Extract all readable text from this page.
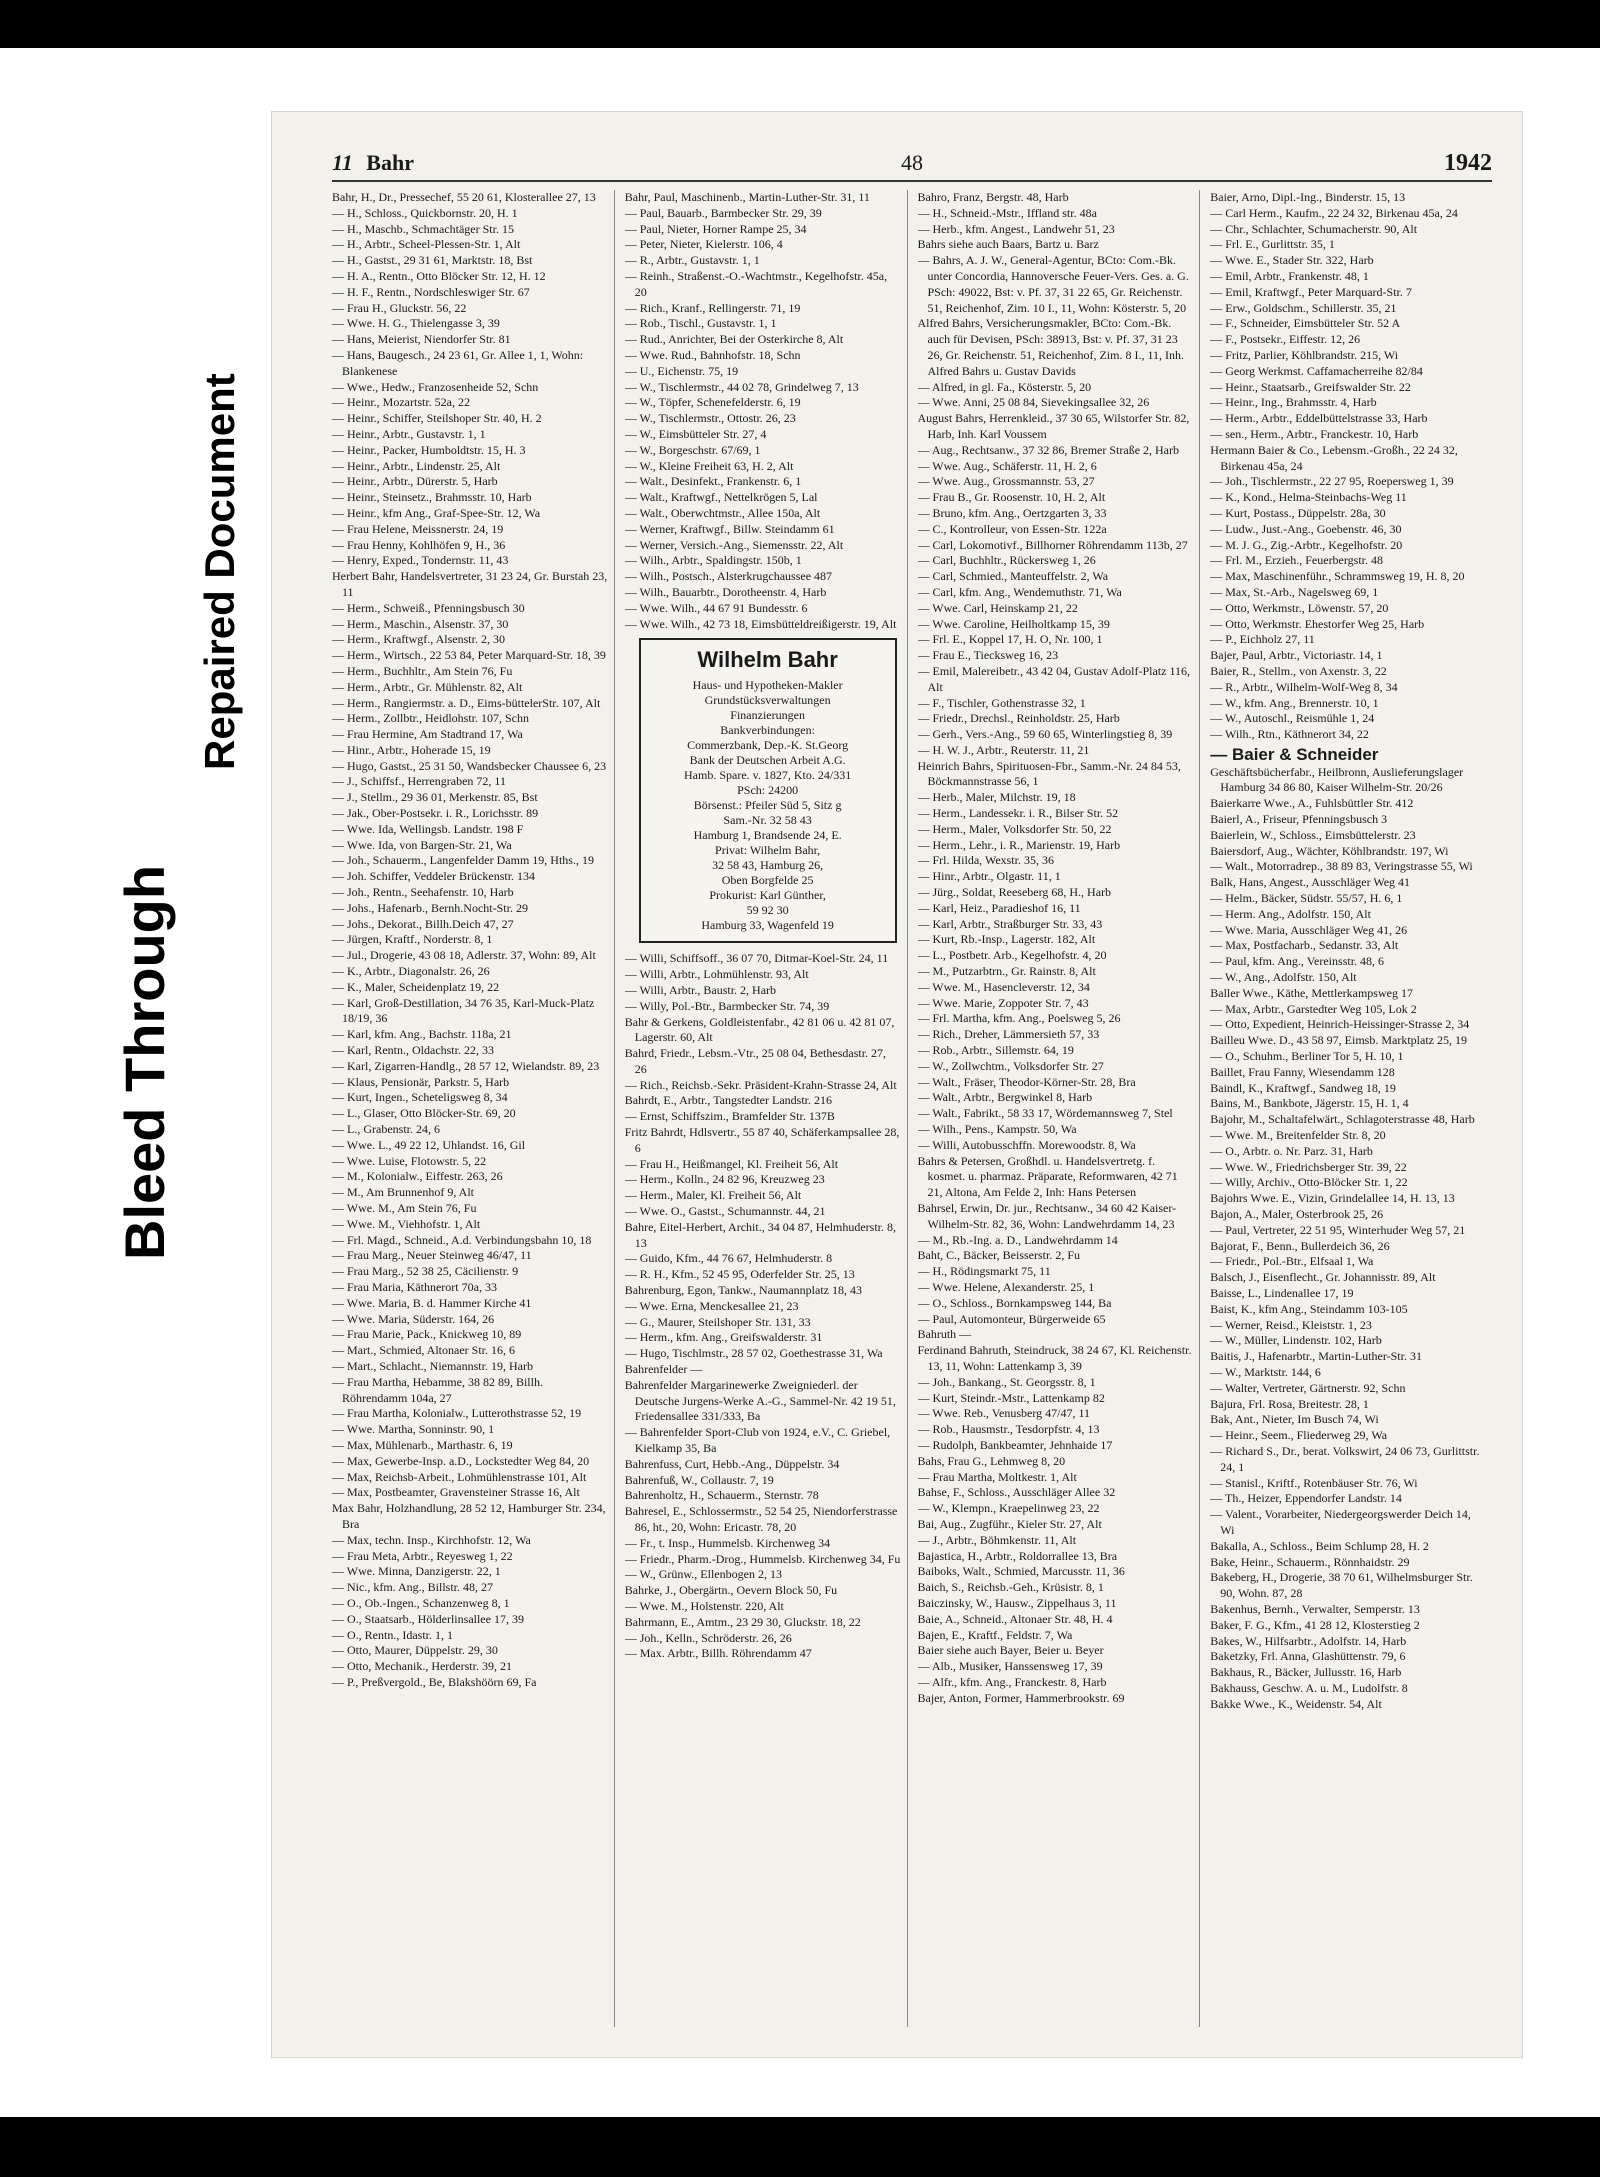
Bleed Through
Repaired Document
11 Bahr	48	1942

Bahr, H., Dr., Pressechef, 55 20 61, Klosterallee 27, 13

— H., Schloss., Quickbornstr. 20, H. 1

— H., Maschb., Schmachtäger Str. 15

— H., Arbtr., Scheel-Plessen-Str. 1, Alt

— H., Gastst., 29 31 61, Marktstr. 18, Bst

— H. A., Rentn., Otto Blöcker Str. 12, H. 12

— H. F., Rentn., Nordschleswiger Str. 67

— Frau H., Gluckstr. 56, 22

— Wwe. H. G., Thielengasse 3, 39

— Hans, Meierist, Niendorfer Str. 81

— Hans, Baugesch., 24 23 61, Gr. Allee 1, 1, Wohn: Blankenese

— Wwe., Hedw., Franzosenheide 52, Schn

— Heinr., Mozartstr. 52a, 22

— Heinr., Schiffer, Steilshoper Str. 40, H. 2

— Heinr., Arbtr., Gustavstr. 1, 1

— Heinr., Packer, Humboldtstr. 15, H. 3

— Heinr., Arbtr., Lindenstr. 25, Alt

— Heinr., Arbtr., Dürerstr. 5, Harb

— Heinr., Steinsetz., Brahmsstr. 10, Harb

— Heinr., kfm Ang., Graf-Spee-Str. 12, Wa

— Frau Helene, Meissnerstr. 24, 19

— Frau Henny, Kohlhöfen 9, H., 36

— Henry, Exped., Tondernstr. 11, 43

Herbert Bahr, Handelsvertreter, 31 23 24, Gr. Burstah 23, 11

— Herm., Schweiß., Pfenningsbusch 30

— Herm., Maschin., Alsenstr. 37, 30

— Herm., Kraftwgf., Alsenstr. 2, 30

— Herm., Wirtsch., 22 53 84, Peter Marquard-Str. 18, 39

— Herm., Buchhltr., Am Stein 76, Fu

— Herm., Arbtr., Gr. Mühlenstr. 82, Alt

— Herm., Rangiermstr. a. D., Eims-büttelerStr. 107, Alt

— Herm., Zollbtr., Heidlohstr. 107, Schn

— Frau Hermine, Am Stadtrand 17, Wa

— Hinr., Arbtr., Hoherade 15, 19

— Hugo, Gastst., 25 31 50, Wandsbecker Chaussee 6, 23

— J., Schiffsf., Herrengraben 72, 11

— J., Stellm., 29 36 01, Merkenstr. 85, Bst

— Jak., Ober-Postsekr. i. R., Lorichsstr. 89

— Wwe. Ida, Wellingsb. Landstr. 198 F

— Wwe. Ida, von Bargen-Str. 21, Wa

— Joh., Schauerm., Langenfelder Damm 19, Hths., 19

— Joh. Schiffer, Veddeler Brückenstr. 134

— Joh., Rentn., Seehafenstr. 10, Harb

— Johs., Hafenarb., Bernh.Nocht-Str. 29

— Johs., Dekorat., Billh.Deich 47, 27

— Jürgen, Kraftf., Norderstr. 8, 1

— Jul., Drogerie, 43 08 18, Adlerstr. 37, Wohn: 89, Alt

— K., Arbtr., Diagonalstr. 26, 26

— K., Maler, Scheidenplatz 19, 22

— Karl, Groß-Destillation, 34 76 35, Karl-Muck-Platz 18/19, 36

— Karl, kfm. Ang., Bachstr. 118a, 21

— Karl, Rentn., Oldachstr. 22, 33

— Karl, Zigarren-Handlg., 28 57 12, Wielandstr. 89, 23

— Klaus, Pensionär, Parkstr. 5, Harb

— Kurt, Ingen., Scheteligsweg 8, 34

— L., Glaser, Otto Blöcker-Str. 69, 20

— L., Grabenstr. 24, 6

— Wwe. L., 49 22 12, Uhlandst. 16, Gil

— Wwe. Luise, Flotowstr. 5, 22

— M., Kolonialw., Eiffestr. 263, 26

— M., Am Brunnenhof 9, Alt

— Wwe. M., Am Stein 76, Fu

— Wwe. M., Viehhofstr. 1, Alt

— Frl. Magd., Schneid., A.d. Verbindungsbahn 10, 18

— Frau Marg., Neuer Steinweg 46/47, 11

— Frau Marg., 52 38 25, Cäcilienstr. 9

— Frau Maria, Käthnerort 70a, 33

— Wwe. Maria, B. d. Hammer Kirche 41

— Wwe. Maria, Süderstr. 164, 26

— Frau Marie, Pack., Knickweg 10, 89

— Mart., Schmied, Altonaer Str. 16, 6

— Mart., Schlacht., Niemannstr. 19, Harb

— Frau Martha, Hebamme, 38 82 89, Billh. Röhrendamm 104a, 27

— Frau Martha, Kolonialw., Lutterothstrasse 52, 19

— Wwe. Martha, Sonninstr. 90, 1

— Max, Mühlenarb., Marthastr. 6, 19

— Max, Gewerbe-Insp. a.D., Lockstedter Weg 84, 20

— Max, Reichsb-Arbeit., Lohmühlenstrasse 101, Alt

— Max, Postbeamter, Gravensteiner Strasse 16, Alt

Max Bahr, Holzhandlung, 28 52 12, Hamburger Str. 234, Bra

— Max, techn. Insp., Kirchhofstr. 12, Wa

— Frau Meta, Arbtr., Reyesweg 1, 22

— Wwe. Minna, Danzigerstr. 22, 1

— Nic., kfm. Ang., Billstr. 48, 27

— O., Ob.-Ingen., Schanzenweg 8, 1

— O., Staatsarb., Hölderlinsallee 17, 39

— O., Rentn., Idastr. 1, 1

— Otto, Maurer, Düppelstr. 29, 30

— Otto, Mechanik., Herderstr. 39, 21

— P., Preßvergold., Be, Blakshöörn 69, Fa

Bahr, Paul, Maschinenb., Martin-Luther-Str. 31, 11

— Paul, Bauarb., Barmbecker Str. 29, 39

— Paul, Nieter, Horner Rampe 25, 34

— Peter, Nieter, Kielerstr. 106, 4

— R., Arbtr., Gustavstr. 1, 1

— Reinh., Straßenst.-O.-Wachtmstr., Kegelhofstr. 45a, 20

— Rich., Kranf., Rellingerstr. 71, 19

— Rob., Tischl., Gustavstr. 1, 1

— Rud., Anrichter, Bei der Osterkirche 8, Alt

— Wwe. Rud., Bahnhofstr. 18, Schn

— U., Eichenstr. 75, 19

— W., Tischlermstr., 44 02 78, Grindelweg 7, 13

— W., Töpfer, Schenefelderstr. 6, 19

— W., Tischlermstr., Ottostr. 26, 23

— W., Eimsbütteler Str. 27, 4

— W., Borgeschstr. 67/69, 1

— W., Kleine Freiheit 63, H. 2, Alt

— Walt., Desinfekt., Frankenstr. 6, 1

— Walt., Kraftwgf., Nettelkrögen 5, Lal

— Walt., Oberwchtmstr., Allee 150a, Alt

— Werner, Kraftwgf., Billw. Steindamm 61

— Werner, Versich.-Ang., Siemensstr. 22, Alt

— Wilh., Arbtr., Spaldingstr. 150b, 1

— Wilh., Postsch., Alsterkrugchaussee 487

— Wilh., Bauarbtr., Dorotheenstr. 4, Harb

— Wwe. Wilh., 44 67 91 Bundesstr. 6

— Wwe. Wilh., 42 73 18, Eimsbütteldreißigerstr. 19, Alt

Wilhelm Bahr

Haus- und Hypotheken-Makler

Grundstücksverwaltungen

Finanzierungen

Bankverbindungen:

Commerzbank, Dep.-K. St.Georg

Bank der Deutschen Arbeit A.G.

Hamb. Spare. v. 1827, Kto. 24/331

PSch: 24200

Börsenst.: Pfeiler Süd 5, Sitz g

Sam.-Nr. 32 58 43

Hamburg 1, Brandsende 24, E.

Privat: Wilhelm Bahr,

32 58 43, Hamburg 26,

Oben Borgfelde 25

Prokurist: Karl Günther,

59 92 30

Hamburg 33, Wagenfeld 19

— Willi, Schiffsoff., 36 07 70, Ditmar-Koel-Str. 24, 11

— Willi, Arbtr., Lohmühlenstr. 93, Alt

— Willi, Arbtr., Baustr. 2, Harb

— Willy, Pol.-Btr., Barmbecker Str. 74, 39

Bahr & Gerkens, Goldleistenfabr., 42 81 06 u. 42 81 07, Lagerstr. 60, Alt

Bahrd, Friedr., Lebsm.-Vtr., 25 08 04, Bethesdastr. 27, 26

— Rich., Reichsb.-Sekr. Präsident-Krahn-Strasse 24, Alt

Bahrdt, E., Arbtr., Tangstedter Landstr. 216

— Ernst, Schiffszim., Bramfelder Str. 137B

Fritz Bahrdt, Hdlsvertr., 55 87 40, Schäferkampsallee 28, 6

— Frau H., Heißmangel, Kl. Freiheit 56, Alt

— Herm., Kolln., 24 82 96, Kreuzweg 23

— Herm., Maler, Kl. Freiheit 56, Alt

— Wwe. O., Gastst., Schumannstr. 44, 21

Bahre, Eitel-Herbert, Archit., 34 04 87, Helmhuderstr. 8, 13

— Guido, Kfm., 44 76 67, Helmhuderstr. 8

— R. H., Kfm., 52 45 95, Oderfelder Str. 25, 13

Bahrenburg, Egon, Tankw., Naumannplatz 18, 43

— Wwe. Erna, Menckesallee 21, 23

— G., Maurer, Steilshoper Str. 131, 33

— Herm., kfm. Ang., Greifswalderstr. 31

— Hugo, Tischlmstr., 28 57 02, Goethestrasse 31, Wa

Bahrenfelder —

Bahrenfelder Margarinewerke Zweigniederl. der Deutsche Jurgens-Werke A.-G., Sammel-Nr. 42 19 51, Friedensallee 331/333, Ba

— Bahrenfelder Sport-Club von 1924, e.V., C. Griebel, Kielkamp 35, Ba

Bahrenfuss, Curt, Hebb.-Ang., Düppelstr. 34

Bahrenfuß, W., Collaustr. 7, 19

Bahrenholtz, H., Schauerm., Sternstr. 78

Bahresel, E., Schlossermstr., 52 54 25, Niendorferstrasse 86, ht., 20, Wohn: Ericastr. 78, 20

— Fr., t. Insp., Hummelsb. Kirchenweg 34

— Friedr., Pharm.-Drog., Hummelsb. Kirchenweg 34, Fu

— W., Grünw., Ellenbogen 2, 13

Bahrke, J., Obergärtn., Oevern Block 50, Fu

— Wwe. M., Holstenstr. 220, Alt

Bahrmann, E., Amtm., 23 29 30, Gluckstr. 18, 22

— Joh., Kelln., Schröderstr. 26, 26

— Max. Arbtr., Billh. Röhrendamm 47

Bahro, Franz, Bergstr. 48, Harb

— H., Schneid.-Mstr., Iffland str. 48a

— Herb., kfm. Angest., Landwehr 51, 23

Bahrs siehe auch Baars, Bartz u. Barz

— Bahrs, A. J. W., General-Agentur, BCto: Com.-Bk. unter Concordia, Hannoversche Feuer-Vers. Ges. a. G. PSch: 49022, Bst: v. Pf. 37, 31 22 65, Gr. Reichenstr. 51, Reichenhof, Zim. 10 I., 11, Wohn: Kösterstr. 5, 20

Alfred Bahrs, Versicherungsmakler, BCto: Com.-Bk. auch für Devisen, PSch: 38913, Bst: v. Pf. 37, 31 23 26, Gr. Reichenstr. 51, Reichenhof, Zim. 8 I., 11, Inh. Alfred Bahrs u. Gustav Davids

— Alfred, in gl. Fa., Kösterstr. 5, 20

— Wwe. Anni, 25 08 84, Sievekingsallee 32, 26

August Bahrs, Herrenkleid., 37 30 65, Wilstorfer Str. 82, Harb, Inh. Karl Voussem

— Aug., Rechtsanw., 37 32 86, Bremer Straße 2, Harb

— Wwe. Aug., Schäferstr. 11, H. 2, 6

— Wwe. Aug., Grossmannstr. 53, 27

— Frau B., Gr. Roosenstr. 10, H. 2, Alt

— Bruno, kfm. Ang., Oertzgarten 3, 33

— C., Kontrolleur, von Essen-Str. 122a

— Carl, Lokomotivf., Billhorner Röhrendamm 113b, 27

— Carl, Buchhltr., Rückersweg 1, 26

— Carl, Schmied., Manteuffelstr. 2, Wa

— Carl, kfm. Ang., Wendemuthstr. 71, Wa

— Wwe. Carl, Heinskamp 21, 22

— Wwe. Caroline, Heilholtkamp 15, 39

— Frl. E., Koppel 17, H. O, Nr. 100, 1

— Frau E., Tiecksweg 16, 23

— Emil, Malereibetr., 43 42 04, Gustav Adolf-Platz 116, Alt

— F., Tischler, Gothenstrasse 32, 1

— Friedr., Drechsl., Reinholdstr. 25, Harb

— Gerh., Vers.-Ang., 59 60 65, Winterlingstieg 8, 39

— H. W. J., Arbtr., Reuterstr. 11, 21

Heinrich Bahrs, Spirituosen-Fbr., Samm.-Nr. 24 84 53, Böckmannstrasse 56, 1

— Herb., Maler, Milchstr. 19, 18

— Herm., Landessekr. i. R., Bilser Str. 52

— Herm., Maler, Volksdorfer Str. 50, 22

— Herm., Lehr., i. R., Marienstr. 19, Harb

— Frl. Hilda, Wexstr. 35, 36

— Hinr., Arbtr., Olgastr. 11, 1

— Jürg., Soldat, Reeseberg 68, H., Harb

— Karl, Heiz., Paradieshof 16, 11

— Karl, Arbtr., Straßburger Str. 33, 43

— Kurt, Rb.-Insp., Lagerstr. 182, Alt

— L., Postbetr. Arb., Kegelhofstr. 4, 20

— M., Putzarbtrn., Gr. Rainstr. 8, Alt

— Wwe. M., Hasencleverstr. 12, 34

— Wwe. Marie, Zoppoter Str. 7, 43

— Frl. Martha, kfm. Ang., Poelsweg 5, 26

— Rich., Dreher, Lämmersieth 57, 33

— Rob., Arbtr., Sillemstr. 64, 19

— W., Zollwchtm., Volksdorfer Str. 27

— Walt., Fräser, Theodor-Körner-Str. 28, Bra

— Walt., Arbtr., Bergwinkel 8, Harb

— Walt., Fabrikt., 58 33 17, Wördemannsweg 7, Stel

— Wilh., Pens., Kampstr. 50, Wa

— Willi, Autobusschffn. Morewoodstr. 8, Wa

Bahrs & Petersen, Großhdl. u. Handelsvertretg. f. kosmet. u. pharmaz. Präparate, Reformwaren, 42 71 21, Altona, Am Felde 2, Inh: Hans Petersen

Bahrsel, Erwin, Dr. jur., Rechtsanw., 34 60 42 Kaiser-Wilhelm-Str. 82, 36, Wohn: Landwehrdamm 14, 23

— M., Rb.-Ing. a. D., Landwehrdamm 14

Baht, C., Bäcker, Beisserstr. 2, Fu

— H., Rödingsmarkt 75, 11

— Wwe. Helene, Alexanderstr. 25, 1

— O., Schloss., Bornkampsweg 144, Ba

— Paul, Automonteur, Bürgerweide 65

Bahruth —

Ferdinand Bahruth, Steindruck, 38 24 67, Kl. Reichenstr. 13, 11, Wohn: Lattenkamp 3, 39

— Joh., Bankang., St. Georgsstr. 8, 1

— Kurt, Steindr.-Mstr., Lattenkamp 82

— Wwe. Reb., Venusberg 47/47, 11

— Rob., Hausmstr., Tesdorpfstr. 4, 13

— Rudolph, Bankbeamter, Jehnhaide 17

Bahs, Frau G., Lehmweg 8, 20

— Frau Martha, Moltkestr. 1, Alt

Bahse, F., Schloss., Ausschläger Allee 32

— W., Klempn., Kraepelinweg 23, 22

Bai, Aug., Zugführ., Kieler Str. 27, Alt

— J., Arbtr., Böhmkenstr. 11, Alt

Bajastica, H., Arbtr., Roldorrallee 13, Bra

Baiboks, Walt., Schmied, Marcusstr. 11, 36

Baich, S., Reichsb.-Geh., Krüsistr. 8, 1

Baiczinsky, W., Hausw., Zippelhaus 3, 11

Baie, A., Schneid., Altonaer Str. 48, H. 4

Bajen, E., Kraftf., Feldstr. 7, Wa

Baier siehe auch Bayer, Beier u. Beyer

— Alb., Musiker, Hanssensweg 17, 39

— Alfr., kfm. Ang., Franckestr. 8, Harb

Bajer, Anton, Former, Hammerbrookstr. 69

Baier, Arno, Dipl.-Ing., Binderstr. 15, 13

— Carl Herm., Kaufm., 22 24 32, Birkenau 45a, 24

— Chr., Schlachter, Schumacherstr. 90, Alt

— Frl. E., Gurlittstr. 35, 1

— Wwe. E., Stader Str. 322, Harb

— Emil, Arbtr., Frankenstr. 48, 1

— Emil, Kraftwgf., Peter Marquard-Str. 7

— Erw., Goldschm., Schillerstr. 35, 21

— F., Schneider, Eimsbütteler Str. 52 A

— F., Postsekr., Eiffestr. 12, 26

— Fritz, Parlier, Köhlbrandstr. 215, Wi

— Georg Werkmst. Caffamacherreihe 82/84

— Heinr., Staatsarb., Greifswalder Str. 22

— Heinr., Ing., Brahmsstr. 4, Harb

— Herm., Arbtr., Eddelbüttelstrasse 33, Harb

— sen., Herm., Arbtr., Franckestr. 10, Harb

Hermann Baier & Co., Lebensm.-Großh., 22 24 32, Birkenau 45a, 24

— Joh., Tischlermstr., 22 27 95, Roepersweg 1, 39

— K., Kond., Helma-Steinbachs-Weg 11

— Kurt, Postass., Düppelstr. 28a, 30

— Ludw., Just.-Ang., Goebenstr. 46, 30

— M. J. G., Zig.-Arbtr., Kegelhofstr. 20

— Frl. M., Erzieh., Feuerbergstr. 48

— Max, Maschinenführ., Schrammsweg 19, H. 8, 20

— Max, St.-Arb., Nagelsweg 69, 1

— Otto, Werkmstr., Löwenstr. 57, 20

— Otto, Werkmstr. Ehestorfer Weg 25, Harb

— P., Eichholz 27, 11

Bajer, Paul, Arbtr., Victoriastr. 14, 1

Baier, R., Stellm., von Axenstr. 3, 22

— R., Arbtr., Wilhelm-Wolf-Weg 8, 34

— W., kfm. Ang., Brennerstr. 10, 1

— W., Autoschl., Reismühle 1, 24

— Wilh., Rtn., Käthnerort 34, 22

— Baier & Schneider

Geschäftsbücherfabr., Heilbronn, Auslieferungslager Hamburg 34 86 80, Kaiser Wilhelm-Str. 20/26

Baierkarre Wwe., A., Fuhlsbüttler Str. 412

Baierl, A., Friseur, Pfenningsbusch 3

Baierlein, W., Schloss., Eimsbüttelerstr. 23

Baiersdorf, Aug., Wächter, Köhlbrandstr. 197, Wi

— Walt., Motorradrep., 38 89 83, Veringstrasse 55, Wi

Balk, Hans, Angest., Ausschläger Weg 41

— Helm., Bäcker, Südstr. 55/57, H. 6, 1

— Herm. Ang., Adolfstr. 150, Alt

— Wwe. Maria, Ausschläger Weg 41, 26

— Max, Postfacharb., Sedanstr. 33, Alt

— Paul, kfm. Ang., Vereinsstr. 48, 6

— W., Ang., Adolfstr. 150, Alt

Baller Wwe., Käthe, Mettlerkampsweg 17

— Max, Arbtr., Garstedter Weg 105, Lok 2

— Otto, Expedient, Heinrich-Heissinger-Strasse 2, 34

Bailleu Wwe. D., 43 58 97, Eimsb. Marktplatz 25, 19

— O., Schuhm., Berliner Tor 5, H. 10, 1

Baillet, Frau Fanny, Wiesendamm 128

Baindl, K., Kraftwgf., Sandweg 18, 19

Bains, M., Bankbote, Jägerstr. 15, H. 1, 4

Bajohr, M., Schaltafelwärt., Schlagoterstrasse 48, Harb

— Wwe. M., Breitenfelder Str. 8, 20

— O., Arbtr. o. Nr. Parz. 31, Harb

— Wwe. W., Friedrichsberger Str. 39, 22

— Willy, Archiv., Otto-Blöcker Str. 1, 22

Bajohrs Wwe. E., Vizin, Grindelallee 14, H. 13, 13

Bajon, A., Maler, Osterbrook 25, 26

— Paul, Vertreter, 22 51 95, Winterhuder Weg 57, 21

Bajorat, F., Benn., Bullerdeich 36, 26

— Friedr., Pol.-Btr., Elfsaal 1, Wa

Balsch, J., Eisenflecht., Gr. Johannisstr. 89, Alt

Baisse, L., Lindenallee 17, 19

Baist, K., kfm Ang., Steindamm 103-105

— Werner, Reisd., Kleiststr. 1, 23

— W., Müller, Lindenstr. 102, Harb

Baitis, J., Hafenarbtr., Martin-Luther-Str. 31

— W., Marktstr. 144, 6

— Walter, Vertreter, Gärtnerstr. 92, Schn

Bajura, Frl. Rosa, Breitestr. 28, 1

Bak, Ant., Nieter, Im Busch 74, Wi

— Heinr., Seem., Fliederweg 29, Wa

— Richard S., Dr., berat. Volkswirt, 24 06 73, Gurlittstr. 24, 1

— Stanisl., Kriftf., Rotenbäuser Str. 76, Wi

— Th., Heizer, Eppendorfer Landstr. 14

— Valent., Vorarbeiter, Niedergeorgswerder Deich 14, Wi

Bakalla, A., Schloss., Beim Schlump 28, H. 2

Bake, Heinr., Schauerm., Rönnhaidstr. 29

Bakeberg, H., Drogerie, 38 70 61, Wilhelmsburger Str. 90, Wohn. 87, 28

Bakenhus, Bernh., Verwalter, Semperstr. 13

Baker, F. G., Kfm., 41 28 12, Klosterstieg 2

Bakes, W., Hilfsarbtr., Adolfstr. 14, Harb

Baketzky, Frl. Anna, Glashüttenstr. 79, 6

Bakhaus, R., Bäcker, Jullusstr. 16, Harb

Bakhauss, Geschw. A. u. M., Ludolfstr. 8

Bakke Wwe., K., Weidenstr. 54, Alt
